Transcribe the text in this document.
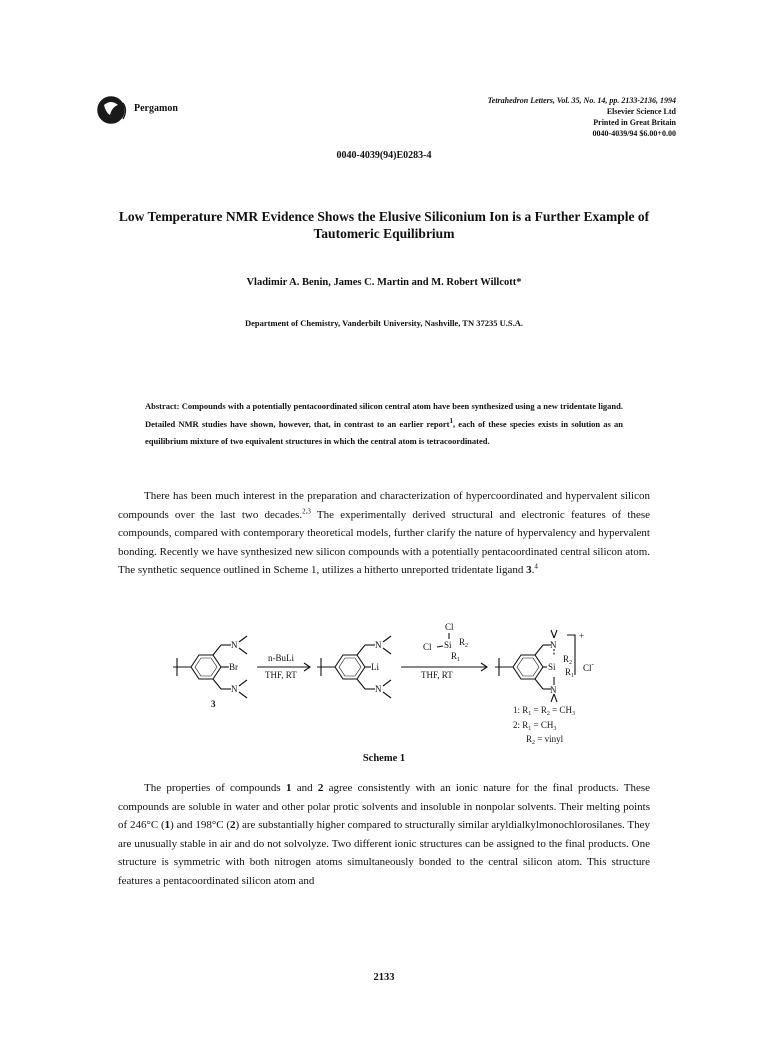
Pergamon
Tetrahedron Letters, Vol. 35, No. 14, pp. 2133-2136, 1994
Elsevier Science Ltd
Printed in Great Britain
0040-4039/94 $6.00+0.00
0040-4039(94)E0283-4
Low Temperature NMR Evidence Shows the Elusive Siliconium Ion is a Further Example of Tautomeric Equilibrium
Vladimir A. Benin, James C. Martin and M. Robert Willcott*
Department of Chemistry, Vanderbilt University, Nashville, TN 37235 U.S.A.
Abstract: Compounds with a potentially pentacoordinated silicon central atom have been synthesized using a new tridentate ligand. Detailed NMR studies have shown, however, that, in contrast to an earlier report$^1$, each of these species exists in solution as an equilibrium mixture of two equivalent structures in which the central atom is tetracoordinated.

There has been much interest in the preparation and characterization of hypercoordinated and hypervalent silicon compounds over the last two decades.$^{2,3}$ The experimentally derived structural and electronic features of these compounds, compared with contemporary theoretical models, further clarify the nature of hypervalency and hypervalent bonding. Recently we have synthesized new silicon compounds with a potentially pentacoordinated central silicon atom. The synthetic sequence outlined in Scheme 1, utilizes a hitherto unreported tridentate ligand 3.$^4$

Br
N
N
n-BuLi
THF, RT
Li
N
N
Cl
Cl Si $R_2$
$R_1$
THF, RT
N
Si
N
$R_2$
$R_1$
+
Cl-
3
1: $R_1 = R_2 = CH_3$
2: $R_1 = CH_3$
$R_2$ = vinyl
Scheme 1

The properties of compounds 1 and 2 agree consistently with an ionic nature for the final products. These compounds are soluble in water and other polar protic solvents and insoluble in nonpolar solvents. Their melting points of 246°C (1) and 198°C (2) are substantially higher compared to structurally similar aryldialkylmonochlorosilanes. They are unusually stable in air and do not solvolyze. Two different ionic structures can be assigned to the final products. One structure is symmetric with both nitrogen atoms simultaneously bonded to the central silicon atom. This structure features a pentacoordinated silicon atom and

2133
